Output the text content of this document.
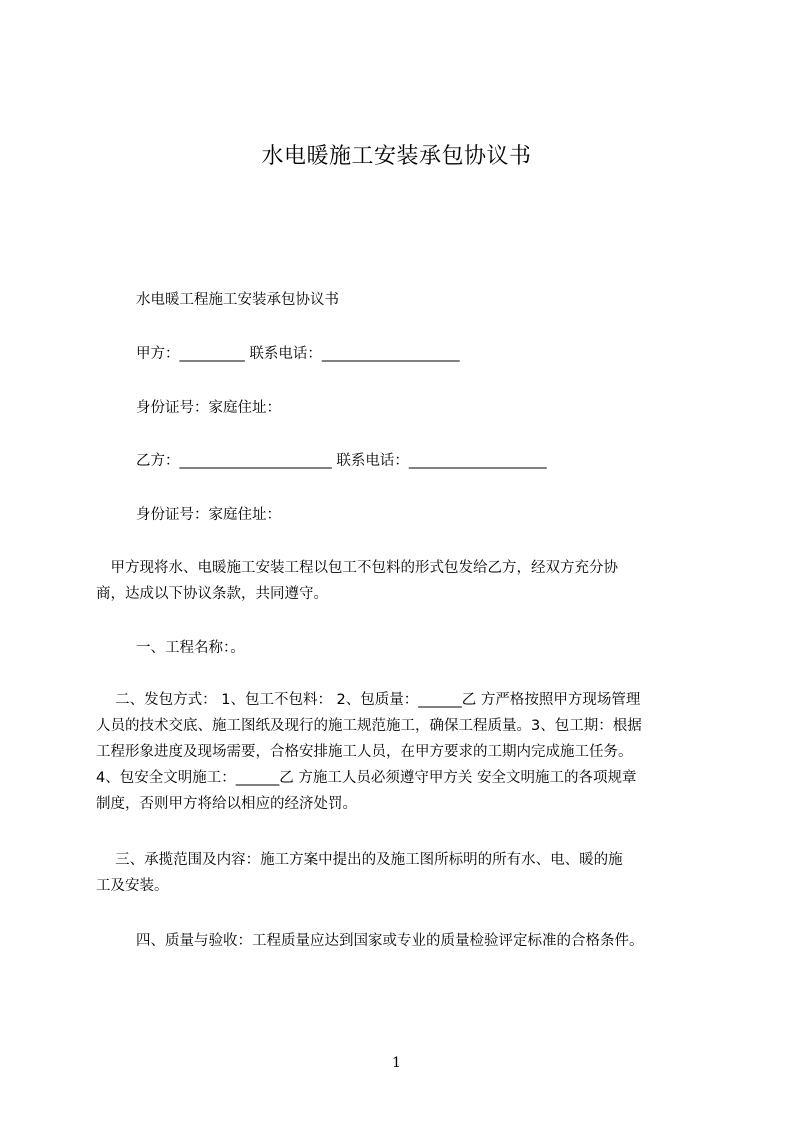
水电暖施工安装承包协议书
水电暖工程施工安装承包协议书
甲方：_________ 联系电话：___________________
身份证号：家庭住址：
乙方：_____________________ 联系电话：___________________
身份证号：家庭住址：
　甲方现将水、电暖施工安装工程以包工不包料的形式包发给乙方，经双方充分协
商，达成以下协议条款，共同遵守。
一、工程名称：。
　 二、发包方式： 1、包工不包料： 2、包质量：______乙 方严格按照甲方现场管理
人员的技术交底、施工图纸及现行的施工规范施工，确保工程质量。3、包工期：根据
工程形象进度及现场需要，合格安排施工人员，在甲方要求的工期内完成施工任务。
4、包安全文明施工：______乙 方施工人员必须遵守甲方关 安全文明施工的各项规章
制度，否则甲方将给以相应的经济处罚。
　 三、承揽范围及内容：施工方案中提出的及施工图所标明的所有水、电、暖的施
工及安装。
四、质量与验收：工程质量应达到国家或专业的质量检验评定标准的合格条件。
1
